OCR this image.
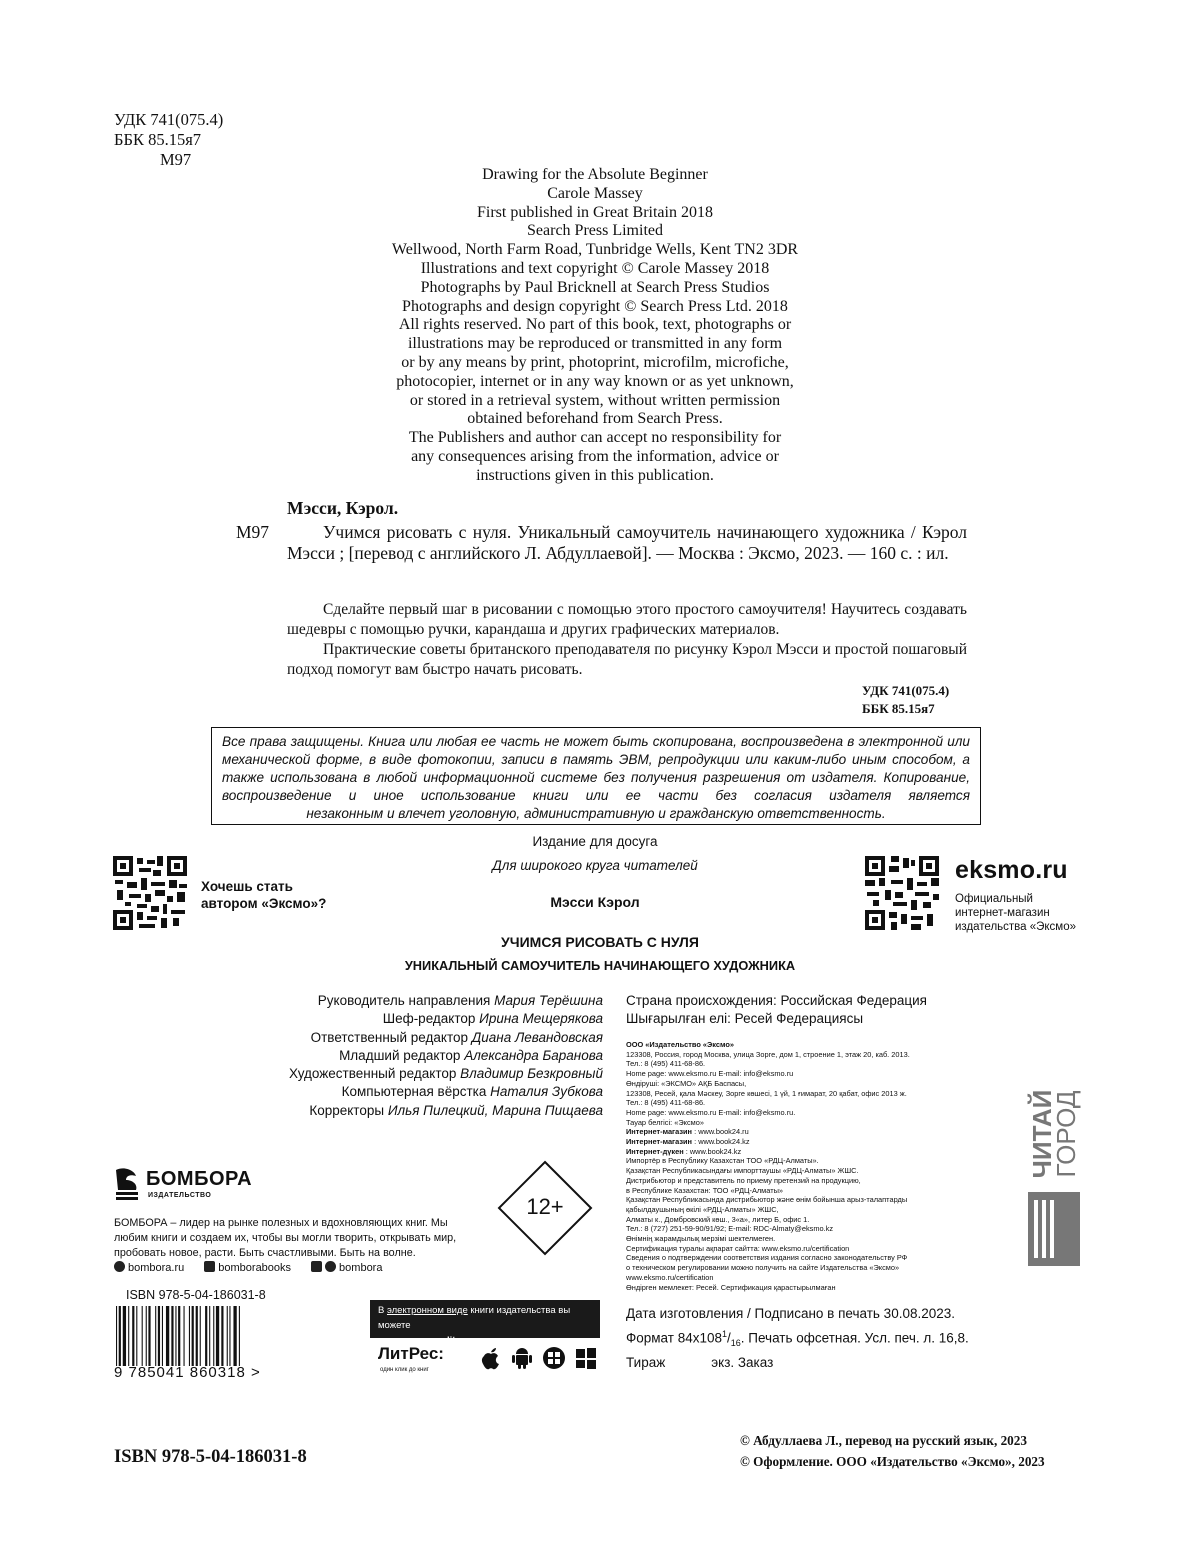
УДК 741(075.4)
ББК 85.15я7
М97
Drawing for the Absolute Beginner
Carole Massey
First published in Great Britain 2018
Search Press Limited
Wellwood, North Farm Road, Tunbridge Wells, Kent TN2 3DR
Illustrations and text copyright © Carole Massey 2018
Photographs by Paul Bricknell at Search Press Studios
Photographs and design copyright © Search Press Ltd. 2018
All rights reserved. No part of this book, text, photographs or
illustrations may be reproduced or transmitted in any form
or by any means by print, photoprint, microfilm, microfiche,
photocopier, internet or in any way known or as yet unknown,
or stored in a retrieval system, without written permission
obtained beforehand from Search Press.
The Publishers and author can accept no responsibility for
any consequences arising from the information, advice or
instructions given in this publication.
Мэсси, Кэрол.
М97	Учимся рисовать с нуля. Уникальный самоучитель начинающего художника / Кэрол Мэсси ; [перевод с английского Л. Абдуллаевой]. — Москва : Эксмо, 2023. — 160 с. : ил.

Сделайте первый шаг в рисовании с помощью этого простого самоучителя! Научитесь создавать шедевры с помощью ручки, карандаша и других графических материалов.

Практические советы британского преподавателя по рисунку Кэрол Мэсси и простой пошаговый подход помогут вам быстро начать рисовать.

УДК 741(075.4)
ББК 85.15я7
Все права защищены. Книга или любая ее часть не может быть скопирована, воспроизведена в электронной или механической форме, в виде фотокопии, записи в память ЭВМ, репродукции или каким-либо иным способом, а также использована в любой информационной системе без получения разрешения от издателя. Копирование, воспроизведение и иное использование книги или ее части без согласия издателя является
незаконным и влечет уголовную, административную и гражданскую ответственность.
Издание для досуга
Для широкого круга читателей
Мэсси Кэрол
УЧИМСЯ РИСОВАТЬ С НУЛЯ
УНИКАЛЬНЫЙ САМОУЧИТЕЛЬ НАЧИНАЮЩЕГО ХУДОЖНИКА
Хочешь стать
автором «Эксмо»?
eksmo.ru
Официальный
интернет-магазин
издательства «Эксмо»
Руководитель направления Мария Терёшина
Шеф-редактор Ирина Мещерякова
Ответственный редактор Диана Левандовская
Младший редактор Александра Баранова
Художественный редактор Владимир Безкровный
Компьютерная вёрстка Наталия Зубкова
Корректоры Илья Пилецкий, Марина Пищаева
Страна происхождения: Российская Федерация
Шығарылған елі: Ресей Федерациясы
ООО «Издательство «Эксмо»
123308, Россия, город Москва, улица Зорге, дом 1, строение 1, этаж 20, каб. 2013.
Тел.: 8 (495) 411-68-86.
Home page: www.eksmo.ru E-mail: info@eksmo.ru
Өндіруші: «ЭКСМО» АҚБ Баспасы,
123308, Ресей, қала Мәскеу, Зорге көшесі, 1 үй, 1 ғимарат, 20 қабат, офис 2013 ж.
Тел.: 8 (495) 411-68-86.
Home page: www.eksmo.ru E-mail: info@eksmo.ru.
Тауар белгісі: «Эксмо»
Интернет-магазин : www.book24.ru
Интернет-магазин : www.book24.kz
Интернет-дүкен : www.book24.kz
Импортёр в Республику Казахстан ТОО «РДЦ-Алматы».
Қазақстан Республикасындағы импорттаушы «РДЦ-Алматы» ЖШС.
Дистрибьютор и представитель по приему претензий на продукцию,
в Республике Казахстан: ТОО «РДЦ-Алматы»
Қазақстан Республикасында дистрибьютор және өнім бойынша арыз-талаптарды
қабылдаушының өкілі «РДЦ-Алматы» ЖШС,
Алматы к., Домбровский көш., 3«а», литер Б, офис 1.
Тел.: 8 (727) 251-59-90/91/92; E-mail: RDC-Almaty@eksmo.kz
Өнімнің жарамдылық мерзімі шектелмеген.
Сертификация туралы ақпарат сайтта: www.eksmo.ru/certification
Сведения о подтверждении соответствия издания согласно законодательству РФ
о техническом регулировании можно получить на сайте Издательства «Эксмо»
www.eksmo.ru/certification
Өндірген мемлекет: Ресей. Сертификация қарастырылмаған
Дата изготовления / Подписано в печать 30.08.2023.
Формат $84x108^1/_{16}$. Печать офсетная. Усл. печ. л. 16,8.
Тираж	экз. Заказ
БОМБОРА
ИЗДАТЕЛЬСТВО
БОМБОРА – лидер на рынке полезных и вдохновляющих книг. Мы любим книги и создаем их, чтобы вы могли творить, открывать мир, пробовать новое, расти. Быть счастливыми. Быть на волне.
bombora.ru	bomborabooks	bombora
12+
ISBN 978-5-04-186031-8
9 785041 860318 >
В электронном виде книги издательства вы можете
купить на www.litres.ru
ЛитРес:
один клик до книг
ЧИТАЙ
ГОРОД
ISBN 978-5-04-186031-8
© Абдуллаева Л., перевод на русский язык, 2023
© Оформление. ООО «Издательство «Эксмо», 2023
